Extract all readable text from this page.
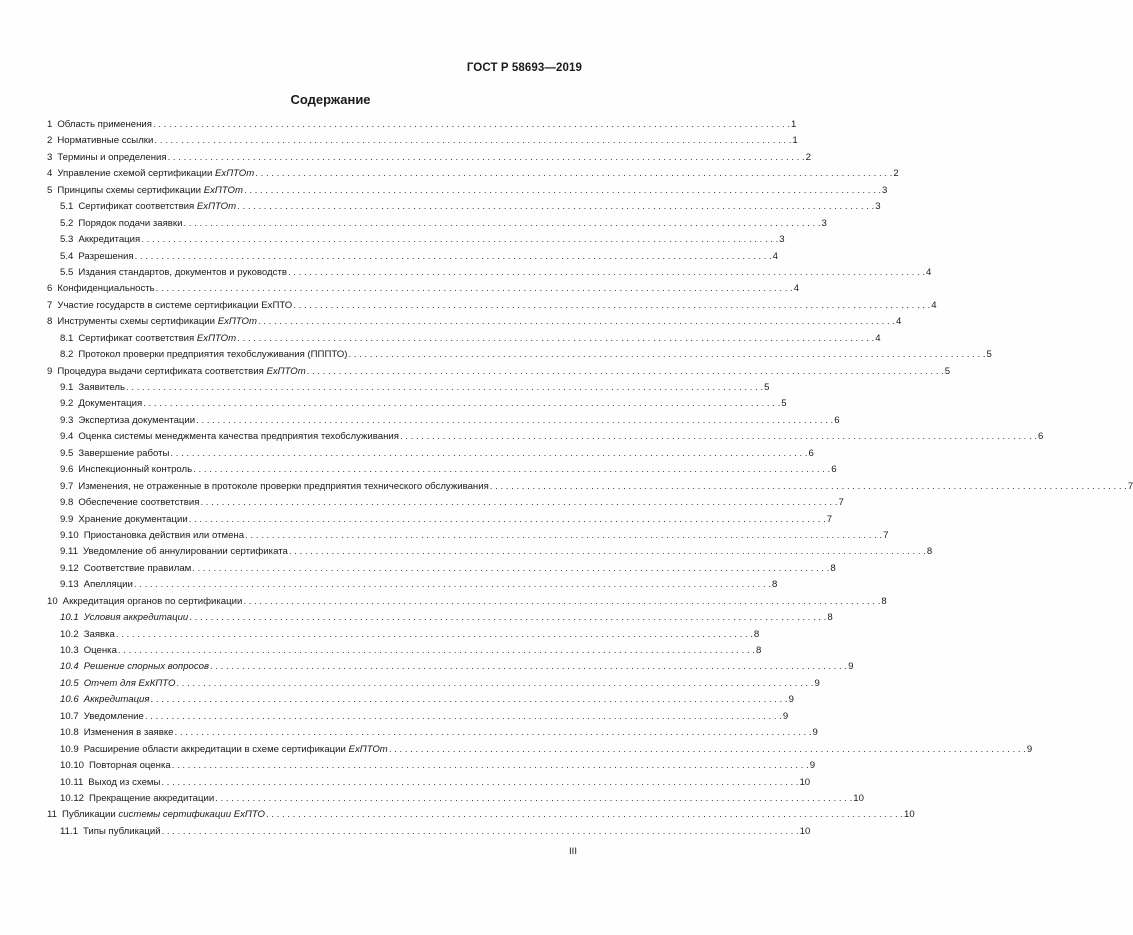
ГОСТ Р 58693—2019
Содержание
1 Область применения . . .	1
2 Нормативные ссылки . . .	1
3 Термины и определения . . .	2
4 Управление схемой сертификации ExПТОт . . .	2
5 Принципы схемы сертификации ExПТОт . . .	3
5.1 Сертификат соответствия ExПТОт . . .	3
5.2 Порядок подачи заявки . . .	3
5.3 Аккредитация . . .	3
5.4 Разрешения . . .	4
5.5 Издания стандартов, документов и руководств . . .	4
6 Конфиденциальность . . .	4
7 Участие государств в системе сертификации ExПТО . . .	4
8 Инструменты схемы сертификации ExПТОт . . .	4
8.1 Сертификат соответствия ExПТОт . . .	4
8.2 Протокол проверки предприятия техобслуживания (ПППТО) . . .	5
9 Процедура выдачи сертификата соответствия ExПТОт . . .	5
9.1 Заявитель . . .	5
9.2 Документация . . .	5
9.3 Экспертиза документации . . .	6
9.4 Оценка системы менеджмента качества предприятия техобслуживания . . .	6
9.5 Завершение работы . . .	6
9.6 Инспекционный контроль . . .	6
9.7 Изменения, не отраженные в протоколе проверки предприятия технического обслуживания . . .	7
9.8 Обеспечение соответствия . . .	7
9.9 Хранение документации . . .	7
9.10 Приостановка действия или отмена . . .	7
9.11 Уведомление об аннулировании сертификата . . .	8
9.12 Соответствие правилам . . .	8
9.13 Апелляции . . .	8
10 Аккредитация органов по сертификации . . .	8
10.1 Условия аккредитации . . .	8
10.2 Заявка . . .	8
10.3 Оценка . . .	8
10.4 Решение спорных вопросов . . .	9
10.5 Отчет для ExКПТО . . .	9
10.6 Аккредитация . . .	9
10.7 Уведомление . . .	9
10.8 Изменения в заявке . . .	9
10.9 Расширение области аккредитации в схеме сертификации ExПТОт . . .	9
10.10 Повторная оценка . . .	9
10.11 Выход из схемы . . .	10
10.12 Прекращение аккредитации . . .	10
11 Публикации системы сертификации ExПТО . . .	10
11.1 Типы публикаций . . .	10
III
